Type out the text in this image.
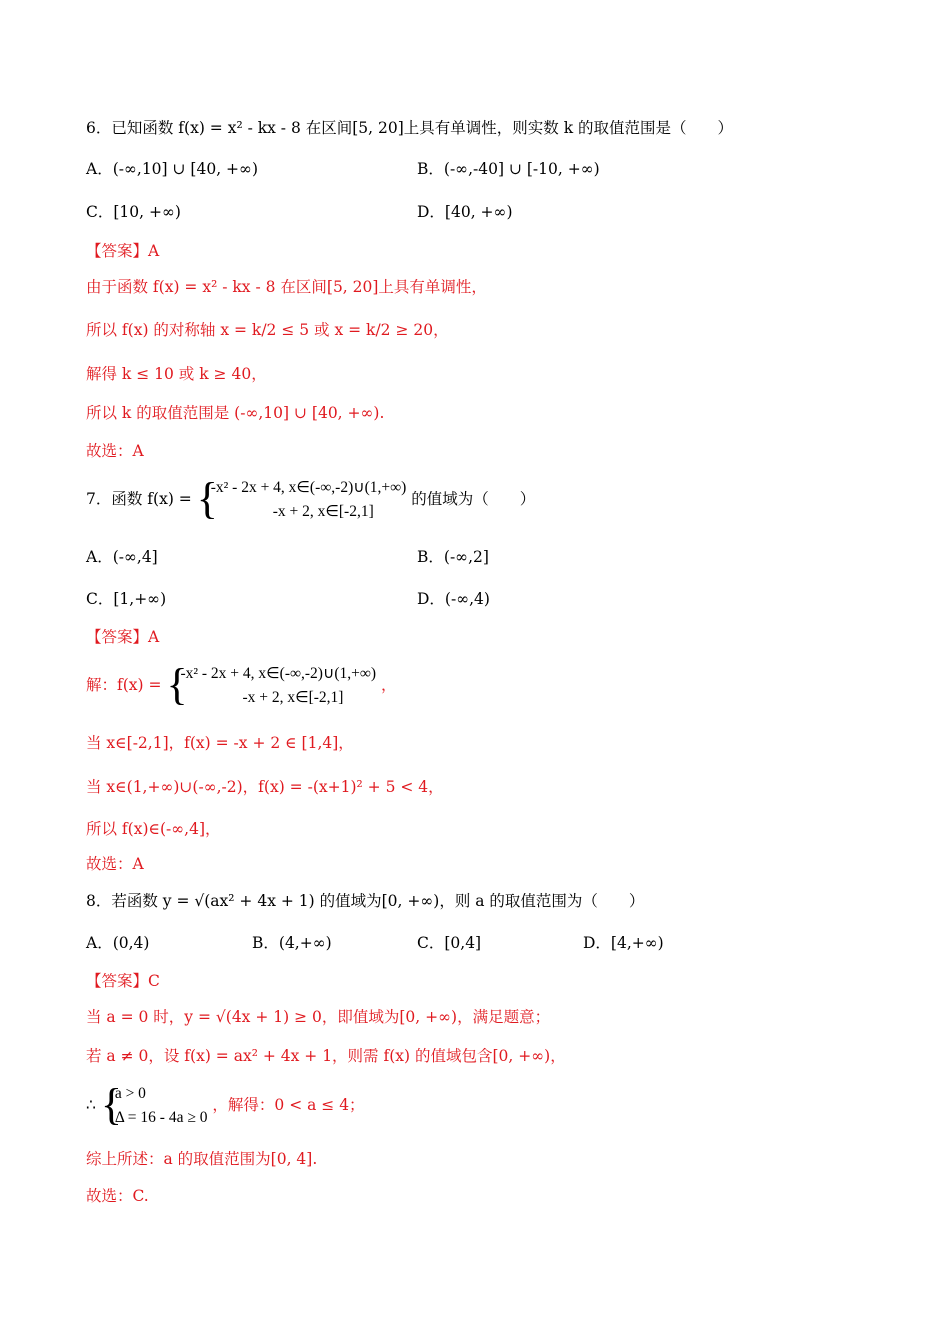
6．已知函数 f(x) = x² - kx - 8 在区间[5, 20]上具有单调性，则实数 k 的取值范围是（　　）
A．(-∞,10] ∪ [40, +∞)	B．(-∞,-40] ∪ [-10, +∞)
C．[10, +∞)	D．[40, +∞)
【答案】A
由于函数 f(x) = x² - kx - 8 在区间[5, 20]上具有单调性，
所以 f(x) 的对称轴 x = k/2 ≤ 5 或 x = k/2 ≥ 20，
解得 k ≤ 10 或 k ≥ 40，
所以 k 的取值范围是 (-∞,10] ∪ [40, +∞).
故选：A
7．函数 f(x) = {
-x² - 2x + 4, x∈(-∞,-2)∪(1,+∞)
-x + 2, x∈[-2,1]
的值域为（　　）
A．(-∞,4]	B．(-∞,2]
C．[1,+∞)	D．(-∞,4)
【答案】A
解：f(x) = {
-x² - 2x + 4, x∈(-∞,-2)∪(1,+∞)
-x + 2, x∈[-2,1]
，
当 x∈[-2,1]，f(x) = -x + 2 ∈ [1,4]，
当 x∈(1,+∞)∪(-∞,-2)，f(x) = -(x+1)² + 5 < 4，
所以 f(x)∈(-∞,4]，
故选：A
8．若函数 y = √(ax² + 4x + 1) 的值域为[0, +∞)，则 a 的取值范围为（　　）
A．(0,4)	B．(4,+∞)	C．[0,4]	D．[4,+∞)
【答案】C
当 a = 0 时，y = √(4x + 1) ≥ 0，即值域为[0, +∞)，满足题意；
若 a ≠ 0，设 f(x) = ax² + 4x + 1，则需 f(x) 的值域包含[0, +∞)，
∴ {
a > 0
Δ = 16 - 4a ≥ 0
，解得：0 < a ≤ 4；
综上所述：a 的取值范围为[0, 4].
故选：C.
